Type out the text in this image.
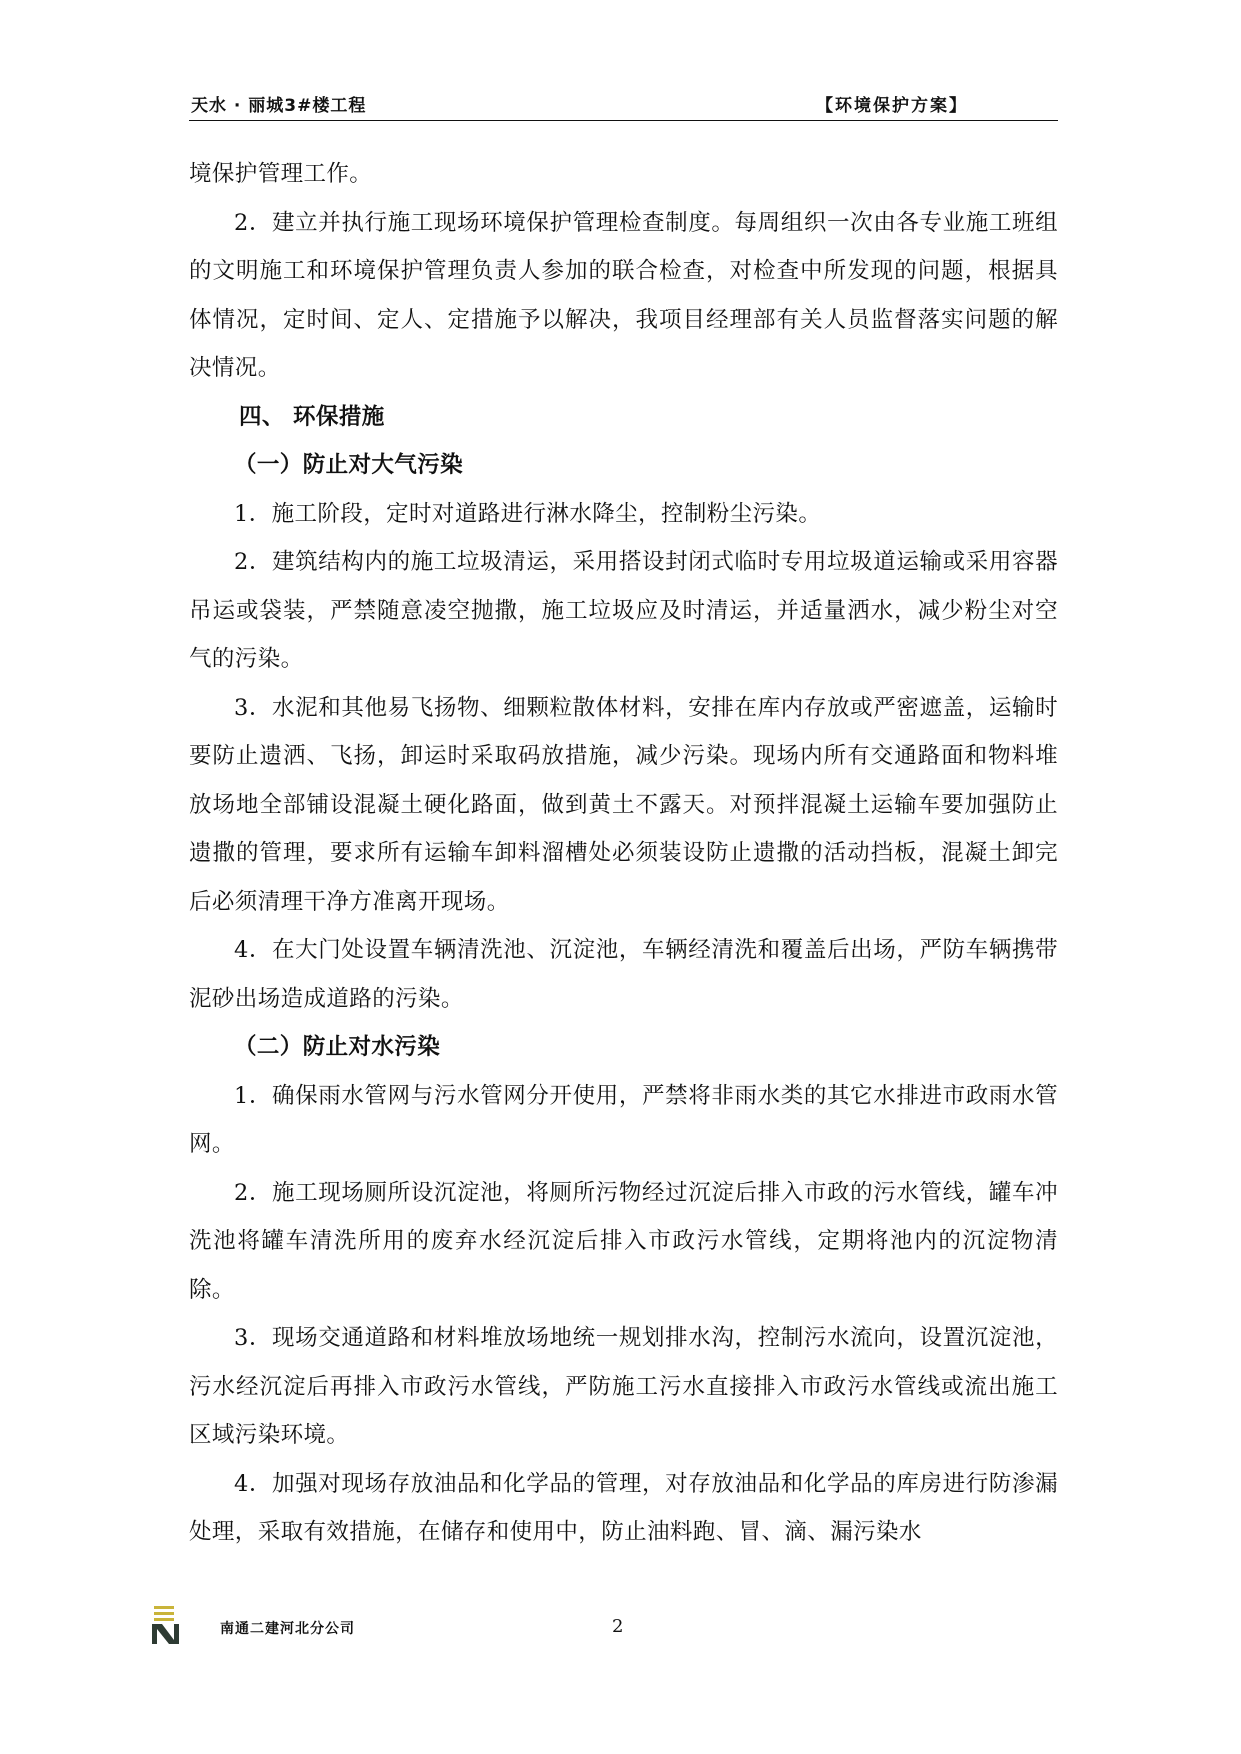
天水 · 丽城3#楼工程	【环境保护方案】

境保护管理工作。

2．建立并执行施工现场环境保护管理检查制度。每周组织一次由各专业施工班组的文明施工和环境保护管理负责人参加的联合检查，对检查中所发现的问题，根据具体情况，定时间、定人、定措施予以解决，我项目经理部有关人员监督落实问题的解决情况。

四、 环保措施

（一）防止对大气污染

1．施工阶段，定时对道路进行淋水降尘，控制粉尘污染。

2．建筑结构内的施工垃圾清运，采用搭设封闭式临时专用垃圾道运输或采用容器吊运或袋装，严禁随意凌空抛撒，施工垃圾应及时清运，并适量洒水，减少粉尘对空气的污染。

3．水泥和其他易飞扬物、细颗粒散体材料，安排在库内存放或严密遮盖，运输时要防止遗洒、飞扬，卸运时采取码放措施，减少污染。现场内所有交通路面和物料堆放场地全部铺设混凝土硬化路面，做到黄土不露天。对预拌混凝土运输车要加强防止遗撒的管理，要求所有运输车卸料溜槽处必须装设防止遗撒的活动挡板，混凝土卸完后必须清理干净方准离开现场。

4．在大门处设置车辆清洗池、沉淀池，车辆经清洗和覆盖后出场，严防车辆携带泥砂出场造成道路的污染。

（二）防止对水污染

1．确保雨水管网与污水管网分开使用，严禁将非雨水类的其它水排进市政雨水管网。

2．施工现场厕所设沉淀池，将厕所污物经过沉淀后排入市政的污水管线，罐车冲洗池将罐车清洗所用的废弃水经沉淀后排入市政污水管线，定期将池内的沉淀物清除。

3．现场交通道路和材料堆放场地统一规划排水沟，控制污水流向，设置沉淀池，污水经沉淀后再排入市政污水管线，严防施工污水直接排入市政污水管线或流出施工区域污染环境。

4．加强对现场存放油品和化学品的管理，对存放油品和化学品的库房进行防渗漏处理，采取有效措施，在储存和使用中，防止油料跑、冒、滴、漏污染水

南通二建河北分公司	2
